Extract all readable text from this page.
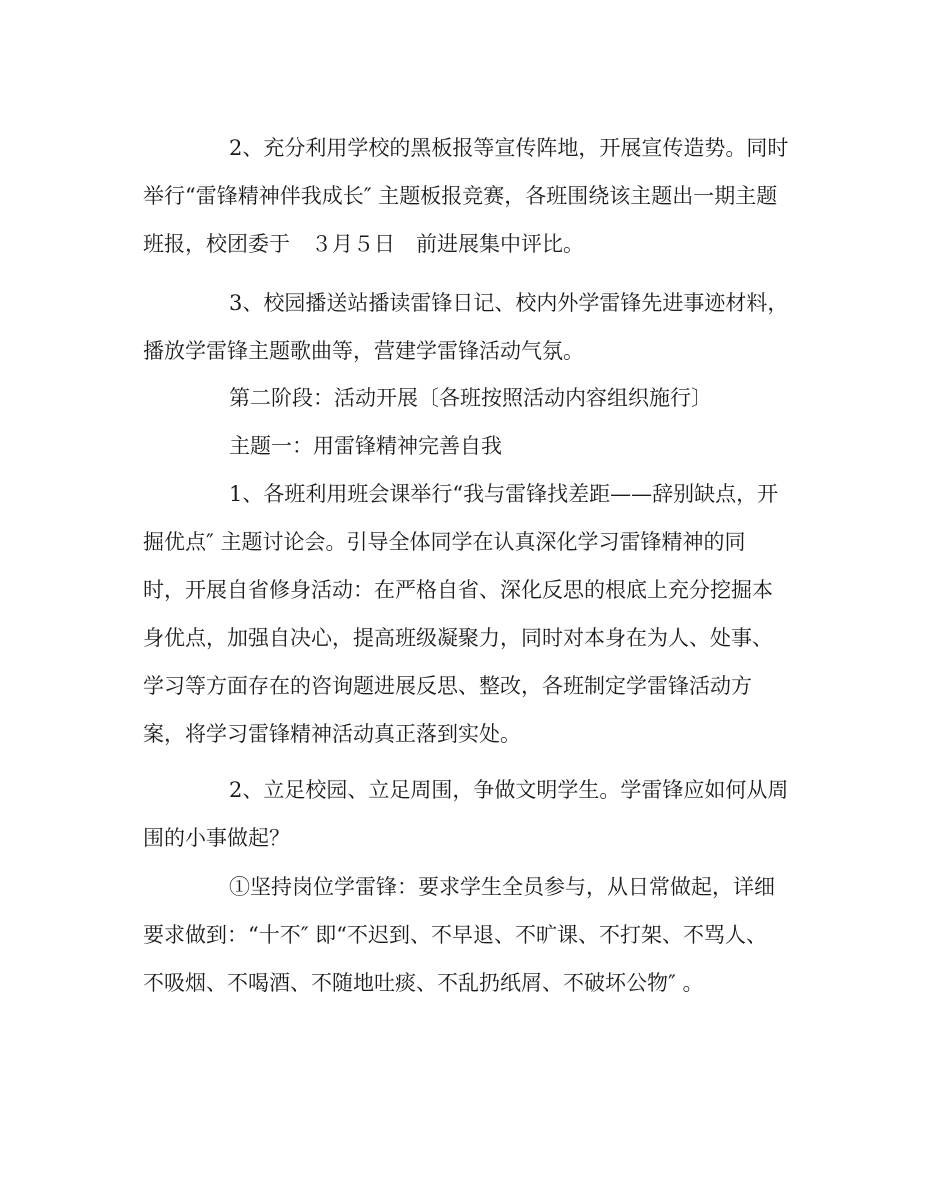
2、充分利用学校的黑板报等宣传阵地，开展宣传造势。同时
举行“雷锋精神伴我成长″ 主题板报竞赛，各班围绕该主题出一期主题
班报，校团委于　３月５日　前进展集中评比。

3、校园播送站播读雷锋日记、校内外学雷锋先进事迹材料，
播放学雷锋主题歌曲等，营建学雷锋活动气氛。

第二阶段：活动开展〔各班按照活动内容组织施行〕

主题一：用雷锋精神完善自我

1、各班利用班会课举行“我与雷锋找差距——辞别缺点，开
掘优点″ 主题讨论会。引导全体同学在认真深化学习雷锋精神的同
时，开展自省修身活动：在严格自省、深化反思的根底上充分挖掘本
身优点，加强自决心，提高班级凝聚力，同时对本身在为人、处事、
学习等方面存在的咨询题进展反思、整改，各班制定学雷锋活动方
案，将学习雷锋精神活动真正落到实处。

2、立足校园、立足周围，争做文明学生。学雷锋应如何从周
围的小事做起？

①坚持岗位学雷锋：要求学生全员参与，从日常做起，详细
要求做到：“十不″ 即“不迟到、不早退、不旷课、不打架、不骂人、
不吸烟、不喝酒、不随地吐痰、不乱扔纸屑、不破坏公物″ 。
